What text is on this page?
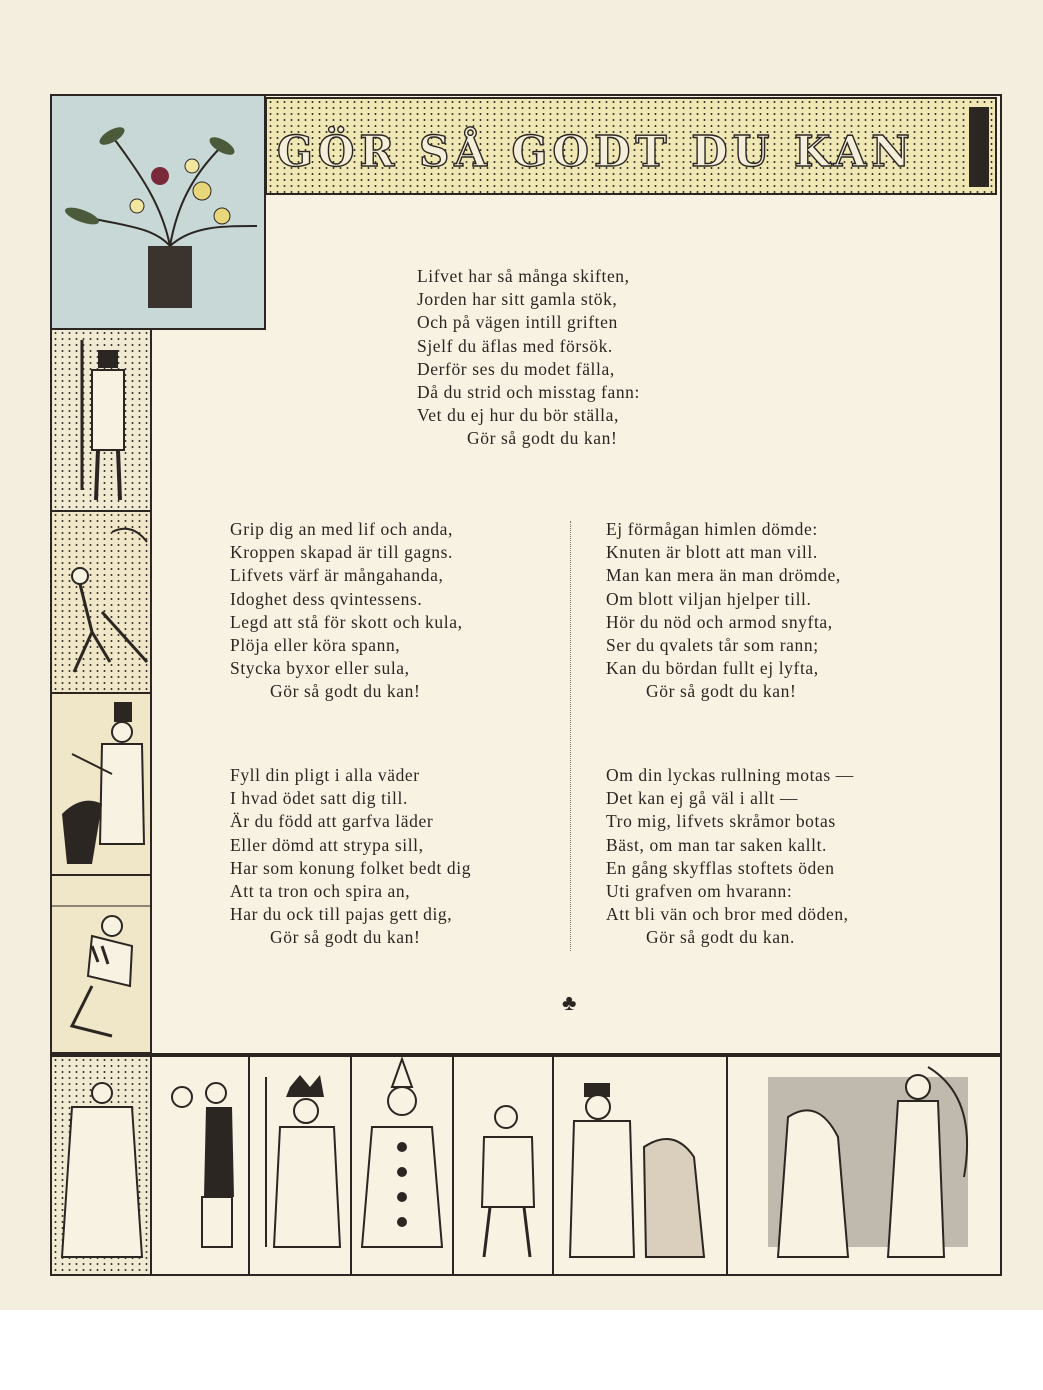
GÖR SÅ GODT DU KAN
Lifvet har så många skiften,
Jorden har sitt gamla stök,
Och på vägen intill griften
Sjelf du äflas med försök.
Derför ses du modet fälla,
Då du strid och misstag fann:
Vet du ej hur du bör ställa,
Gör så godt du kan!
Grip dig an med lif och anda,
Kroppen skapad är till gagns.
Lifvets värf är mångahanda,
Idoghet dess qvintessens.
Legd att stå för skott och kula,
Plöja eller köra spann,
Stycka byxor eller sula,
Gör så godt du kan!
Fyll din pligt i alla väder
I hvad ödet satt dig till.
Är du född att garfva läder
Eller dömd att strypa sill,
Har som konung folket bedt dig
Att ta tron och spira an,
Har du ock till pajas gett dig,
Gör så godt du kan!
Ej förmågan himlen dömde:
Knuten är blott att man vill.
Man kan mera än man drömde,
Om blott viljan hjelper till.
Hör du nöd och armod snyfta,
Ser du qvalets tår som rann;
Kan du bördan fullt ej lyfta,
Gör så godt du kan!
Om din lyckas rullning motas —
Det kan ej gå väl i allt —
Tro mig, lifvets skråmor botas
Bäst, om man tar saken kallt.
En gång skyfflas stoftets öden
Uti grafven om hvarann:
Att bli vän och bror med döden,
Gör så godt du kan.
♣
